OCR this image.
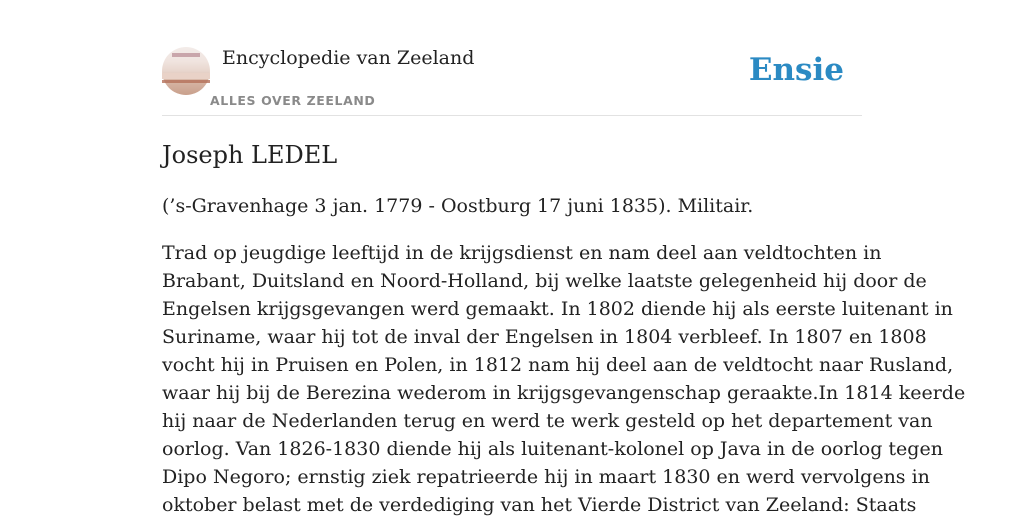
Encyclopedie van Zeeland
ALLES OVER ZEELAND
Ensie
Joseph LEDEL

(’s-Gravenhage 3 jan. 1779 - Oostburg 17 juni 1835). Militair.

Trad op jeugdige leeftijd in de krijgsdienst en nam deel aan veldtochten in
Brabant, Duitsland en Noord-Holland, bij welke laatste gelegenheid hij door de
Engelsen krijgsgevangen werd gemaakt. In 1802 diende hij als eerste luitenant in
Suriname, waar hij tot de inval der Engelsen in 1804 verbleef. In 1807 en 1808
vocht hij in Pruisen en Polen, in 1812 nam hij deel aan de veldtocht naar Rusland,
waar hij bij de Berezina wederom in krijgsgevangenschap geraakte.In 1814 keerde
hij naar de Nederlanden terug en werd te werk gesteld op het departement van
oorlog. Van 1826-1830 diende hij als luitenant-kolonel op Java in de oorlog tegen
Dipo Negoro; ernstig ziek repatrieerde hij in maart 1830 en werd vervolgens in
oktober belast met de verdediging van het Vierde District van Zeeland: Staats
